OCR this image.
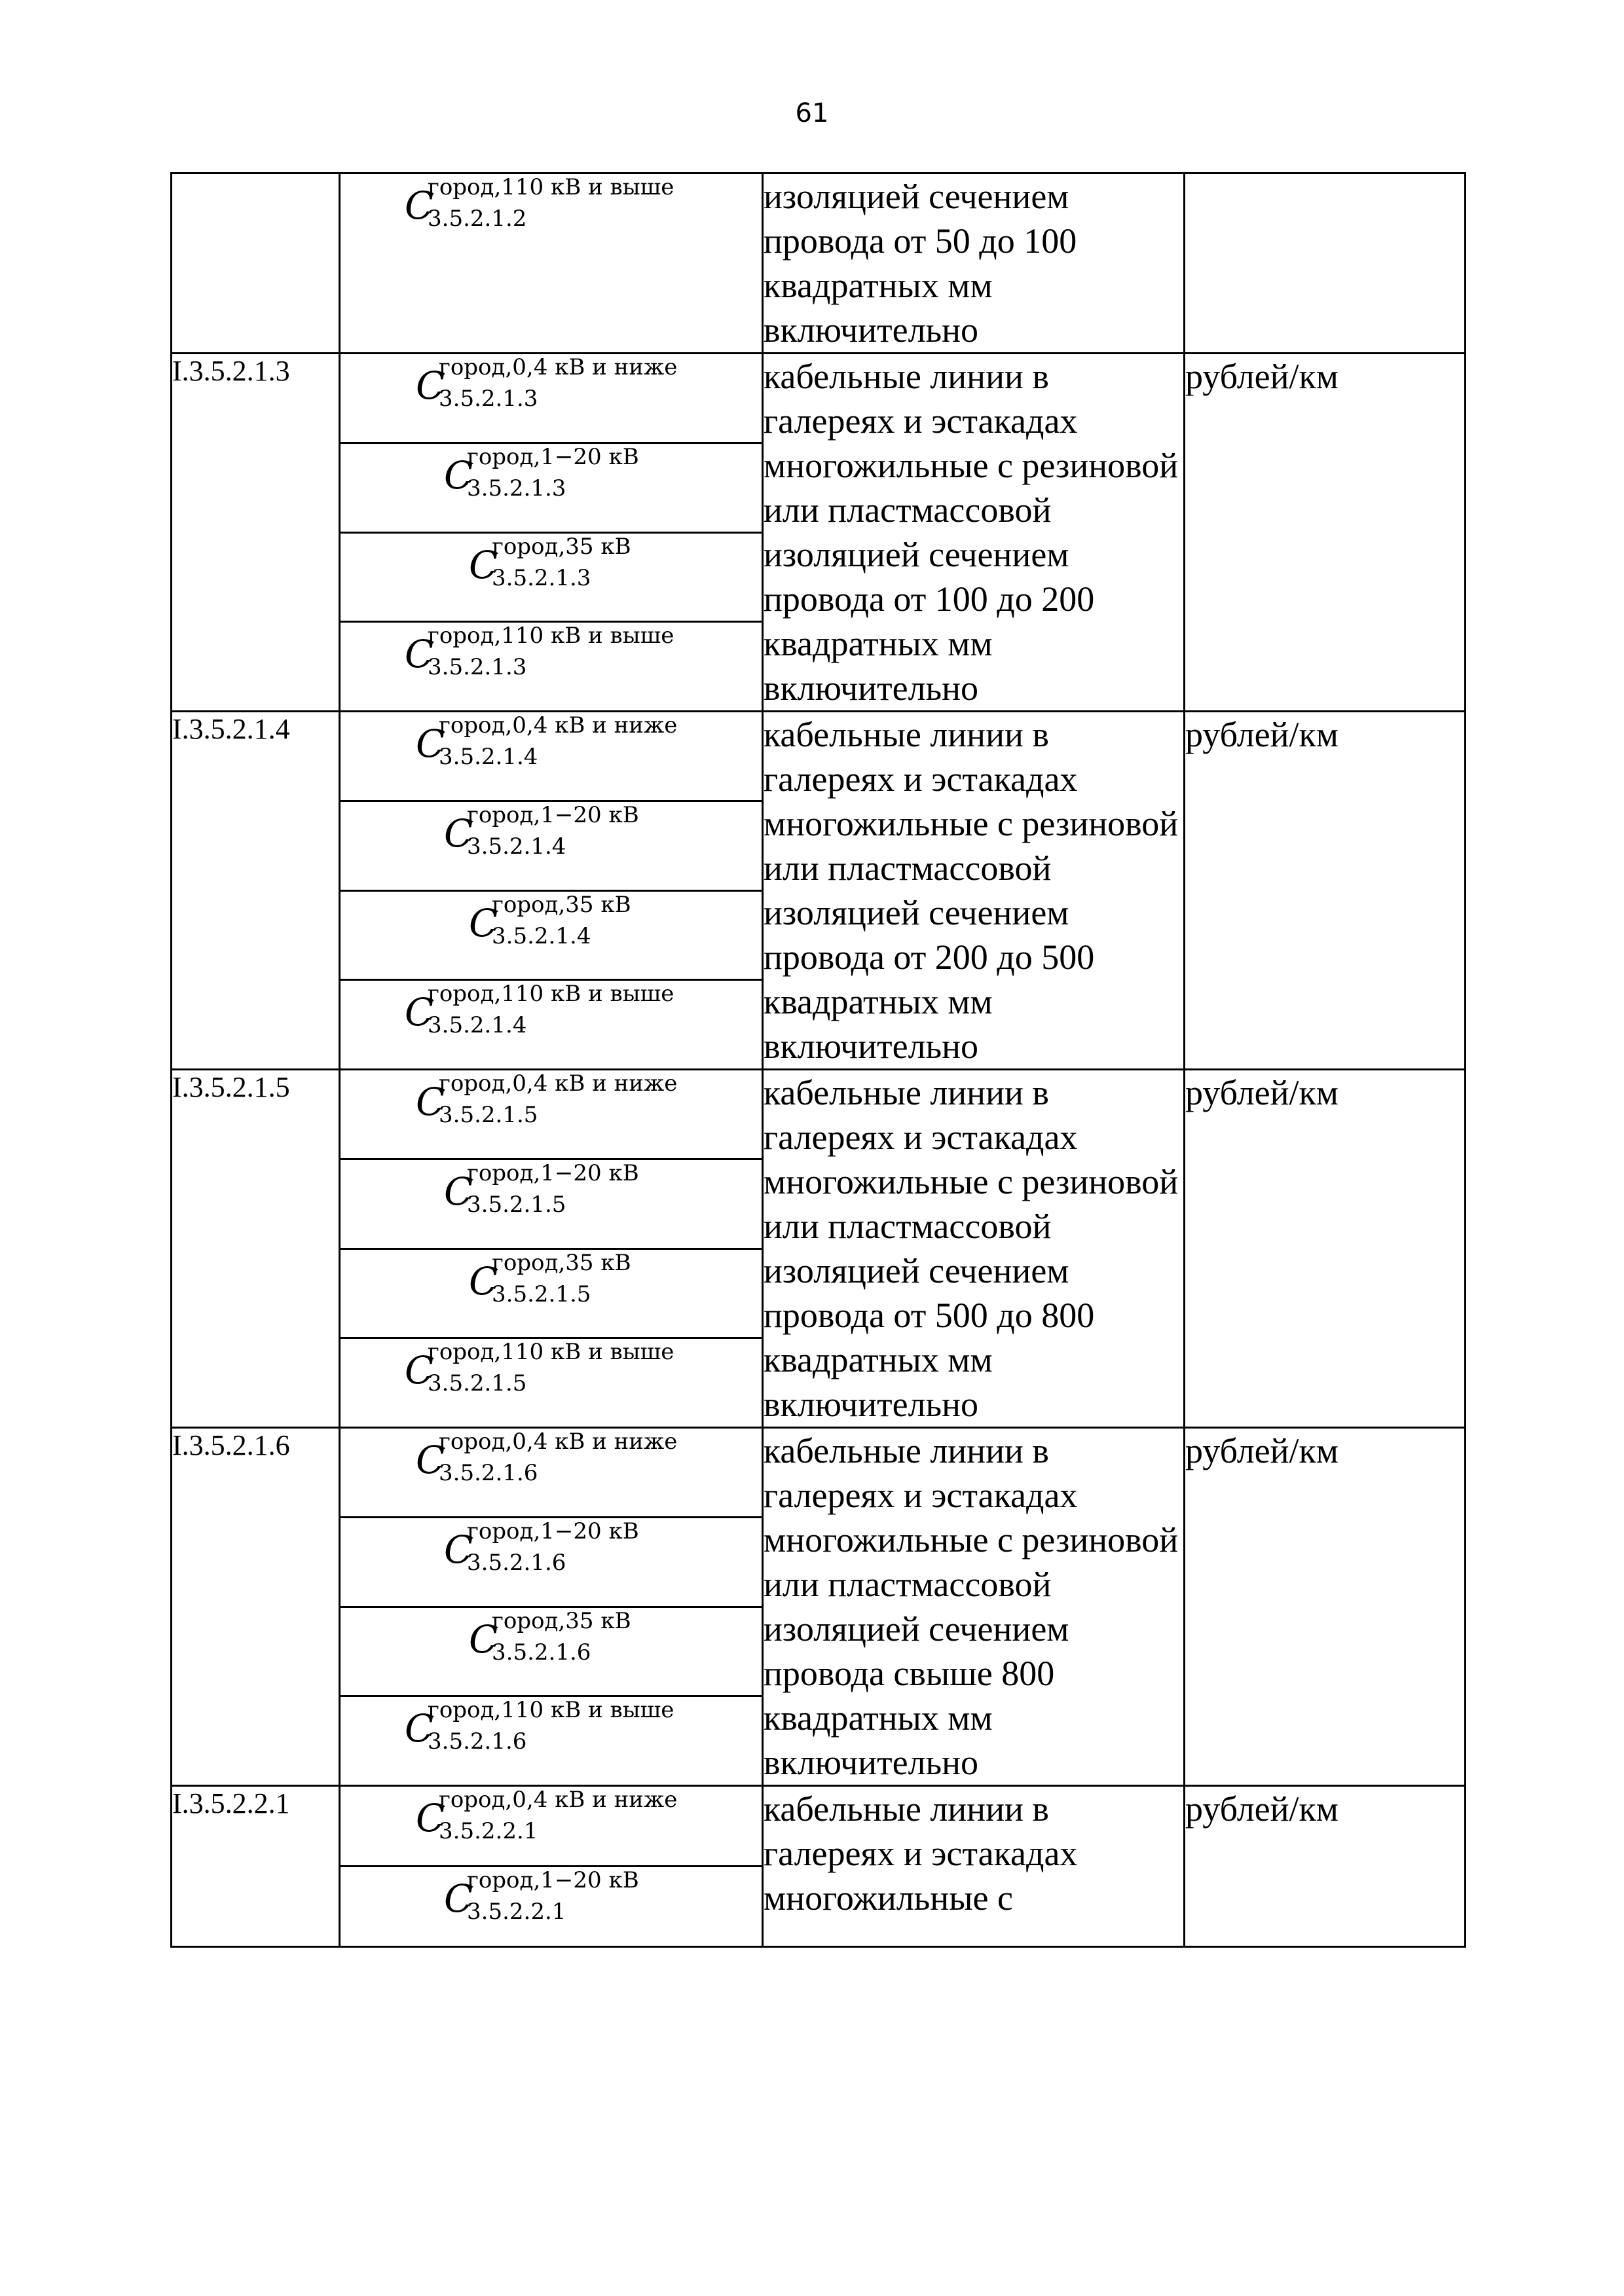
61

	C
город,110 кВ и выше
3.5.2.1.2	изоляцией сечением провода от 50 до 100 квадратных мм включительно	
I.3.5.2.1.3	C
город,0,4 кВ и ниже
3.5.2.1.3	кабельные линии в галереях и эстакадах многожильные с резиновой или пластмассовой изоляцией сечением провода от 100 до 200 квадратных мм включительно	рублей/км

	C
город,1−20 кВ
3.5.2.1.3		

	C
город,35 кВ
3.5.2.1.3		

	C
город,110 кВ и выше
3.5.2.1.3		

I.3.5.2.1.4	C
город,0,4 кВ и ниже
3.5.2.1.4	кабельные линии в галереях и эстакадах многожильные с резиновой или пластмассовой изоляцией сечением провода от 200 до 500 квадратных мм включительно	рублей/км

	C
город,1−20 кВ
3.5.2.1.4		

	C
город,35 кВ
3.5.2.1.4		

	C
город,110 кВ и выше
3.5.2.1.4		

I.3.5.2.1.5	C
город,0,4 кВ и ниже
3.5.2.1.5	кабельные линии в галереях и эстакадах многожильные с резиновой или пластмассовой изоляцией сечением провода от 500 до 800 квадратных мм включительно	рублей/км

	C
город,1−20 кВ
3.5.2.1.5		

	C
город,35 кВ
3.5.2.1.5		

	C
город,110 кВ и выше
3.5.2.1.5		

I.3.5.2.1.6	C
город,0,4 кВ и ниже
3.5.2.1.6	кабельные линии в галереях и эстакадах многожильные с резиновой или пластмассовой изоляцией сечением провода свыше 800 квадратных мм включительно	рублей/км

	C
город,1−20 кВ
3.5.2.1.6		

	C
город,35 кВ
3.5.2.1.6		

	C
город,110 кВ и выше
3.5.2.1.6		

I.3.5.2.2.1	C
город,0,4 кВ и ниже
3.5.2.2.1	кабельные линии в галереях и эстакадах многожильные с	рублей/км

	C
город,1−20 кВ
3.5.2.2.1		
